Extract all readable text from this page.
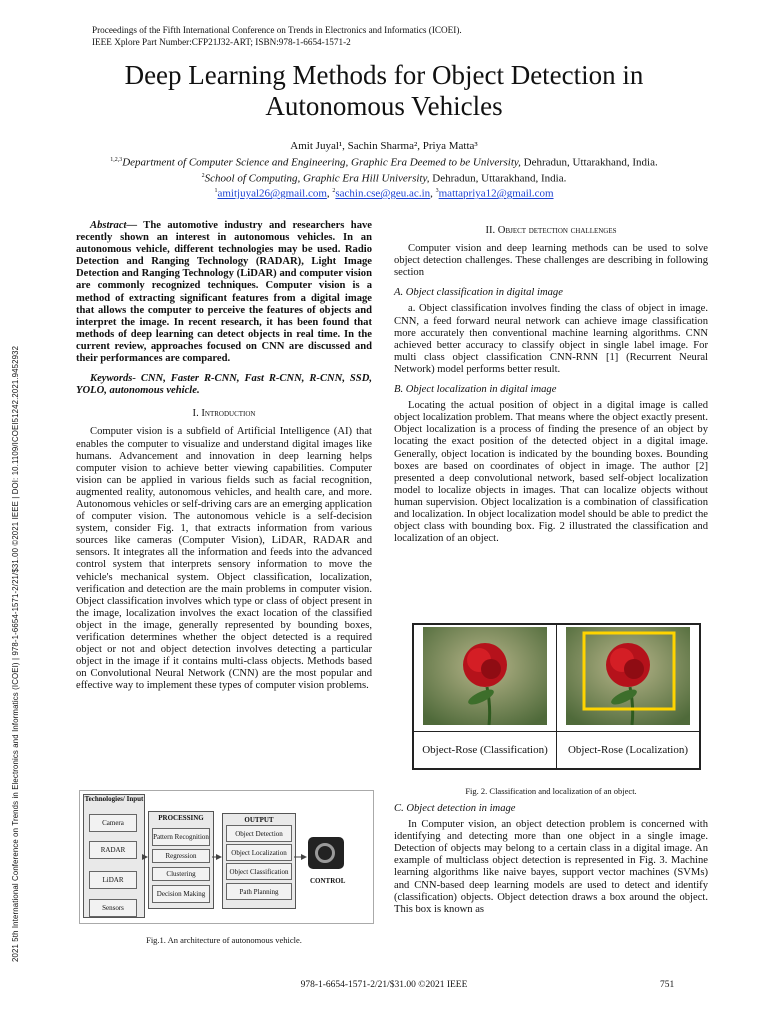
Proceedings of the Fifth International Conference on Trends in Electronics and Informatics (ICOEI).
IEEE Xplore Part Number:CFP21J32-ART; ISBN:978-1-6654-1571-2
2021 5th International Conference on Trends in Electronics and Informatics (ICOEI) | 978-1-6654-1571-2/21/$31.00 ©2021 IEEE | DOI: 10.1109/ICOEI51242.2021.9452932
Deep Learning Methods for Object Detection in
Autonomous Vehicles
Amit Juyal¹, Sachin Sharma², Priya Matta³
$^{1,2,3}$Department of Computer Science and Engineering, Graphic Era Deemed to be University, Dehradun, Uttarakhand, India.
$^2$School of Computing, Graphic Era Hill University, Dehradun, Uttarakhand, India.
$^1$amitjuyal26@gmail.com, $^2$sachin.cse@geu.ac.in, $^3$mattapriya12@gmail.com

Abstract— The automotive industry and researchers have recently shown an interest in autonomous vehicles. In an autonomous vehicle, different technologies may be used. Radio Detection and Ranging Technology (RADAR), Light Image Detection and Ranging Technology (LiDAR) and computer vision are commonly recognized techniques. Computer vision is a method of extracting significant features from a digital image that allows the computer to perceive the features of objects and interpret the image. In recent research, it has been found that methods of deep learning can detect objects in real time. In the current review, approaches focused on CNN are discussed and their performances are compared.

Keywords- CNN, Faster R-CNN, Fast R-CNN, R-CNN, SSD, YOLO, autonomous vehicle.

I. Introduction

Computer vision is a subfield of Artificial Intelligence (AI) that enables the computer to visualize and understand digital images like humans. Advancement and innovation in deep learning helps computer vision to achieve better viewing capabilities. Computer vision can be applied in various fields such as facial recognition, augmented reality, autonomous vehicles, and health care, and more. Autonomous vehicles or self-driving cars are an emerging application of computer vision. The autonomous vehicle is a self-decision system, consider Fig. 1, that extracts information from various sources like cameras (Computer Vision), LiDAR, RADAR and sensors. It integrates all the information and feeds into the advanced control system that interprets sensory information to move the vehicle's mechanical system. Object classification, localization, verification and detection are the main problems in computer vision. Object classification involves which type or class of object present in the image, localization involves the exact location of the classified object in the image, generally represented by bounding boxes, verification determines whether the object detected is a required object or not and object detection involves detecting a particular object in the image if it contains multi-class objects. Methods based on Convolutional Neural Network (CNN) are the most popular and effective way to implement these types of computer vision problems.

Technologies/ Input
Camera
RADAR
LiDAR
Sensors
PROCESSING
Pattern Recognition
Regression
Clustering
Decision Making
OUTPUT
Object Detection
Object Localization
Object Classification
Path Planning
CONTROL
Fig.1. An architecture of autonomous vehicle.

II. Object detection challenges

Computer vision and deep learning methods can be used to solve object detection challenges. These challenges are describing in following section

A. Object classification in digital image

a. Object classification involves finding the class of object in image. CNN, a feed forward neural network can achieve image classification more accurately then conventional machine learning algorithms. CNN achieved better accuracy to classify object in single label image. For multi class object classification CNN-RNN [1] (Recurrent Neural Network) model performs better result.

B. Object localization in digital image

Locating the actual position of object in a digital image is called object localization problem. That means where the object exactly present. Object localization is a process of finding the presence of an object by locating the exact position of the detected object in a digital image. Generally, object location is indicated by the bounding boxes. Bounding boxes are based on coordinates of object in image. The author [2] presented a deep convolutional network, based self-object localization model to localize objects in images. That can localize objects without human supervision. Object localization is a combination of classification and localization. In object localization model should be able to predict the object class with bounding box. Fig. 2 illustrated the classification and localization of an object.

Object-Rose (Classification)	Object-Rose (Localization)
Fig. 2. Classification and localization of an object.

C. Object detection in image

In Computer vision, an object detection problem is concerned with identifying and detecting more than one object in a single image. Detection of objects may belong to a certain class in a digital image. An example of multiclass object detection is represented in Fig. 3. Machine learning algorithms like naive bayes, support vector machines (SVMs) and CNN-based deep learning models are used to detect and identify (classification) objects. Object detection draws a box around the object. This box is known as

978-1-6654-1571-2/21/$31.00 ©2021 IEEE	751
